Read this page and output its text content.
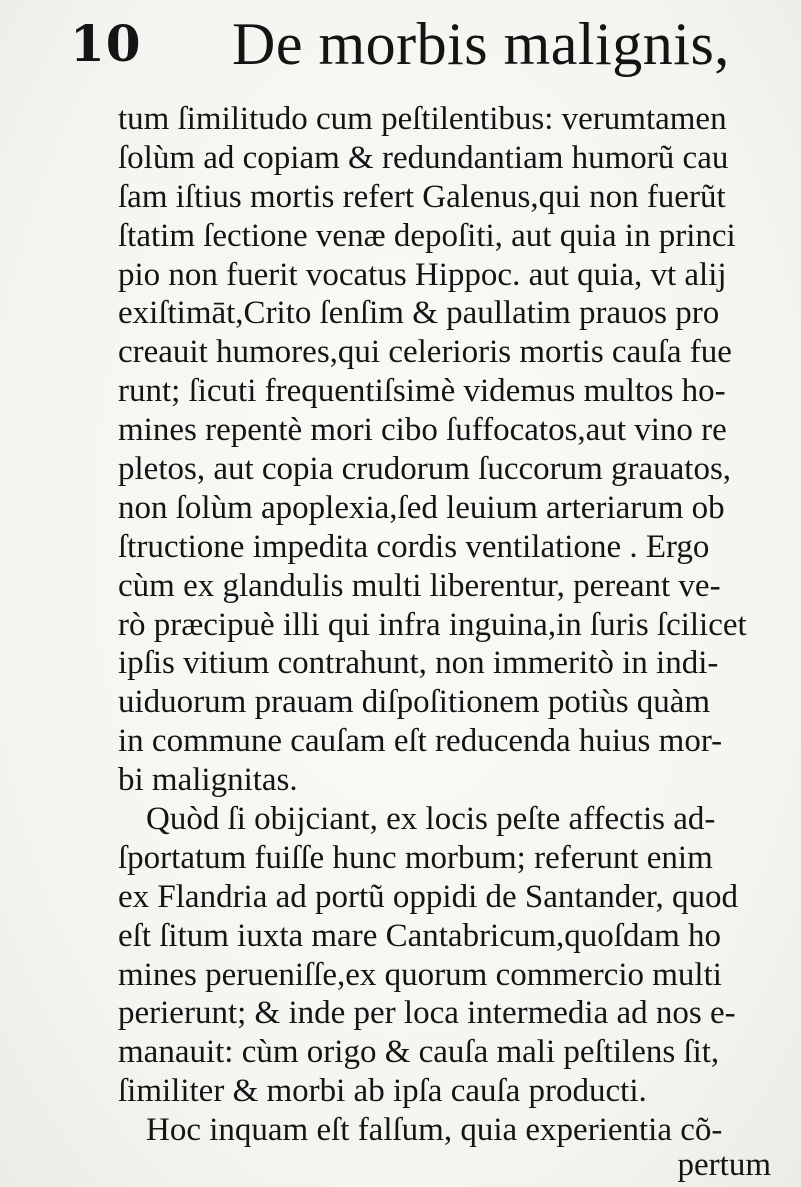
10 De morbis malignis,
tum ſimilitudo cum peſtilentibus: verumtamen
ſolùm ad copiam & redundantiam humorũ cau
ſam iſtius mortis refert Galenus,qui non fuerũt
ſtatim ſectione venæ depoſiti, aut quia in princi
pio non fuerit vocatus Hippoc. aut quia, vt alij
exiſtimāt,Crito ſenſim & paullatim prauos pro
creauit humores,qui celerioris mortis cauſa fue
runt; ſicuti frequentiſsimè videmus multos ho-
mines repentè mori cibo ſuffocatos,aut vino re
pletos, aut copia crudorum ſuccorum grauatos,
non ſolùm apoplexia,ſed leuium arteriarum ob
ſtructione impedita cordis ventilatione . Ergo
cùm ex glandulis multi liberentur, pereant ve-
rò præcipuè illi qui infra inguina,in ſuris ſcilicet
ipſis vitium contrahunt, non immeritò in indi-
uiduorum prauam diſpoſitionem potiùs quàm
in commune cauſam eſt reducenda huius mor-
bi malignitas.
Quòd ſi obijciant, ex locis peſte affectis ad-
ſportatum fuiſſe hunc morbum; referunt enim
ex Flandria ad portũ oppidi de Santander, quod
eſt ſitum iuxta mare Cantabricum,quoſdam ho
mines perueniſſe,ex quorum commercio multi
perierunt; & inde per loca intermedia ad nos e-
manauit: cùm origo & cauſa mali peſtilens ſit,
ſimiliter & morbi ab ipſa cauſa producti.
Hoc inquam eſt falſum, quia experientia cõ-
pertum
